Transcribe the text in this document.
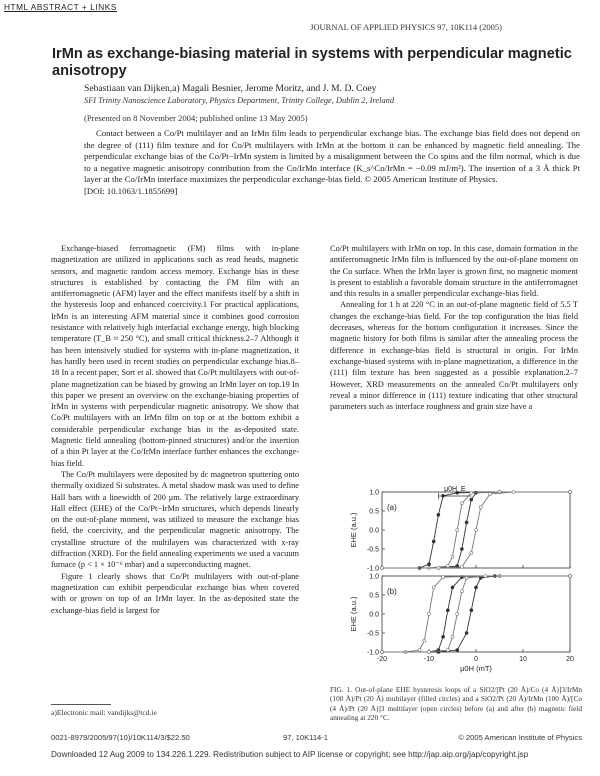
HTML ABSTRACT + LINKS
JOURNAL OF APPLIED PHYSICS 97, 10K114 (2005)
IrMn as exchange-biasing material in systems with perpendicular magnetic anisotropy
Sebastiaan van Dijken,a) Magali Besnier, Jerome Moritz, and J. M. D. Coey
SFI Trinity Nanoscience Laboratory, Physics Department, Trinity College, Dublin 2, Ireland
(Presented on 8 November 2004; published online 13 May 2005)

Contact between a Co/Pt multilayer and an IrMn film leads to perpendicular exchange bias. The exchange bias field does not depend on the degree of (111) film texture and for Co/Pt multilayers with IrMn at the bottom it can be enhanced by magnetic field annealing. The perpendicular exchange bias of the Co/Pt−IrMn system is limited by a misalignment between the Co spins and the film normal, which is due to a negative magnetic anisotropy contribution from the Co/IrMn interface (K_s^Co/IrMn = −0.09 mJ/m²). The insertion of a 3 Å thick Pt layer at the Co/IrMn interface maximizes the perpendicular exchange-bias field. © 2005 American Institute of Physics.

[DOI: 10.1063/1.1855699]

Exchange-biased ferromagnetic (FM) films with in-plane magnetization are utilized in applications such as read heads, magnetic sensors, and magnetic random access memory. Exchange bias in these structures is established by contacting the FM film with an antiferromagnetic (AFM) layer and the effect manifests itself by a shift in the hysteresis loop and enhanced coercivity.1 For practical applications, IrMn is an interesting AFM material since it combines good corrosion resistance with relatively high interfacial exchange energy, high blocking temperature (T_B ≈ 250 °C), and small critical thickness.2–7 Although it has been intensively studied for systems with in-plane magnetization, it has hardly been used in recent studies on perpendicular exchange bias.8–18 In a recent paper, Sort et al. showed that Co/Pt multilayers with out-of-plane magnetization can be biased by growing an IrMn layer on top.19 In this paper we present an overview on the exchange-biasing properties of IrMn in systems with perpendicular magnetic anisotropy. We show that Co/Pt multilayers with an IrMn film on top or at the bottom exhibit a considerable perpendicular exchange bias in the as-deposited state. Magnetic field annealing (bottom-pinned structures) and/or the insertion of a thin Pt layer at the Co/IrMn interface further enhances the exchange-bias field.

The Co/Pt multilayers were deposited by dc magnetron sputtering onto thermally oxidized Si substrates. A metal shadow mask was used to define Hall bars with a linewidth of 200 μm. The relatively large extraordinary Hall effect (EHE) of the Co/Pt−IrMn structures, which depends linearly on the out-of-plane moment, was utilized to measure the exchange bias field, the coercivity, and the perpendicular magnetic anisotropy. The crystalline structure of the multilayers was characterized with x-ray diffraction (XRD). For the field annealing experiments we used a vacuum furnace (p < 1 × 10⁻⁶ mbar) and a superconducting magnet.

Figure 1 clearly shows that Co/Pt multilayers with out-of-plane magnetization can exhibit perpendicular exchange bias when covered with or grown on top of an IrMn layer. In the as-deposited state the exchange-bias field is largest for

Co/Pt multilayers with IrMn on top. In this case, domain formation in the antiferromagnetic IrMn film is influenced by the out-of-plane moment on the Co surface. When the IrMn layer is grown first, no magnetic moment is present to establish a favorable domain structure in the antiferromagnet and this results in a smaller perpendicular exchange-bias field.

Annealing for 1 h at 220 °C in an out-of-plane magnetic field of 5.5 T changes the exchange-bias field. For the top configuration the bias field decreases, whereas for the bottom configuration it increases. Since the magnetic history for both films is similar after the annealing process the difference in exchange-bias field is structural in origin. For IrMn exchange-biased systems with in-plane magnetization, a difference in the (111) film texture has been suggested as a possible explanation.2–7 However, XRD measurements on the annealed Co/Pt multilayers only reveal a minor difference in (111) texture indicating that other structural parameters such as interface roughness and grain size have a

1.0
0.5
0.0
-0.5
-1.0
EHE (a.u.)
(a)
μ0H_E
1.0
0.5
0.0
-0.5
-1.0
-20	-10	0	10	20
μ0H (mT)
EHE (a.u.)
(b)
FIG. 1. Out-of-plane EHE hysteresis loops of a SiO2/[Pt (20 Å)/Co (4 Å)]3/IrMn (100 Å)/Pt (20 Å) multilayer (filled circles) and a SiO2/Pt (20 Å)/IrMn (100 Å)/[Co (4 Å)/Pt (20 Å)]3 multilayer (open circles) before (a) and after (b) magnetic field annealing at 220 °C.
a)Electronic mail: vandijks@tcd.ie
0021-8979/2005/97(10)/10K114/3/$22.50	97, 10K114-1	© 2005 American Institute of Physics
Downloaded 12 Aug 2009 to 134.226.1.229. Redistribution subject to AIP license or copyright; see http://jap.aip.org/jap/copyright.jsp
